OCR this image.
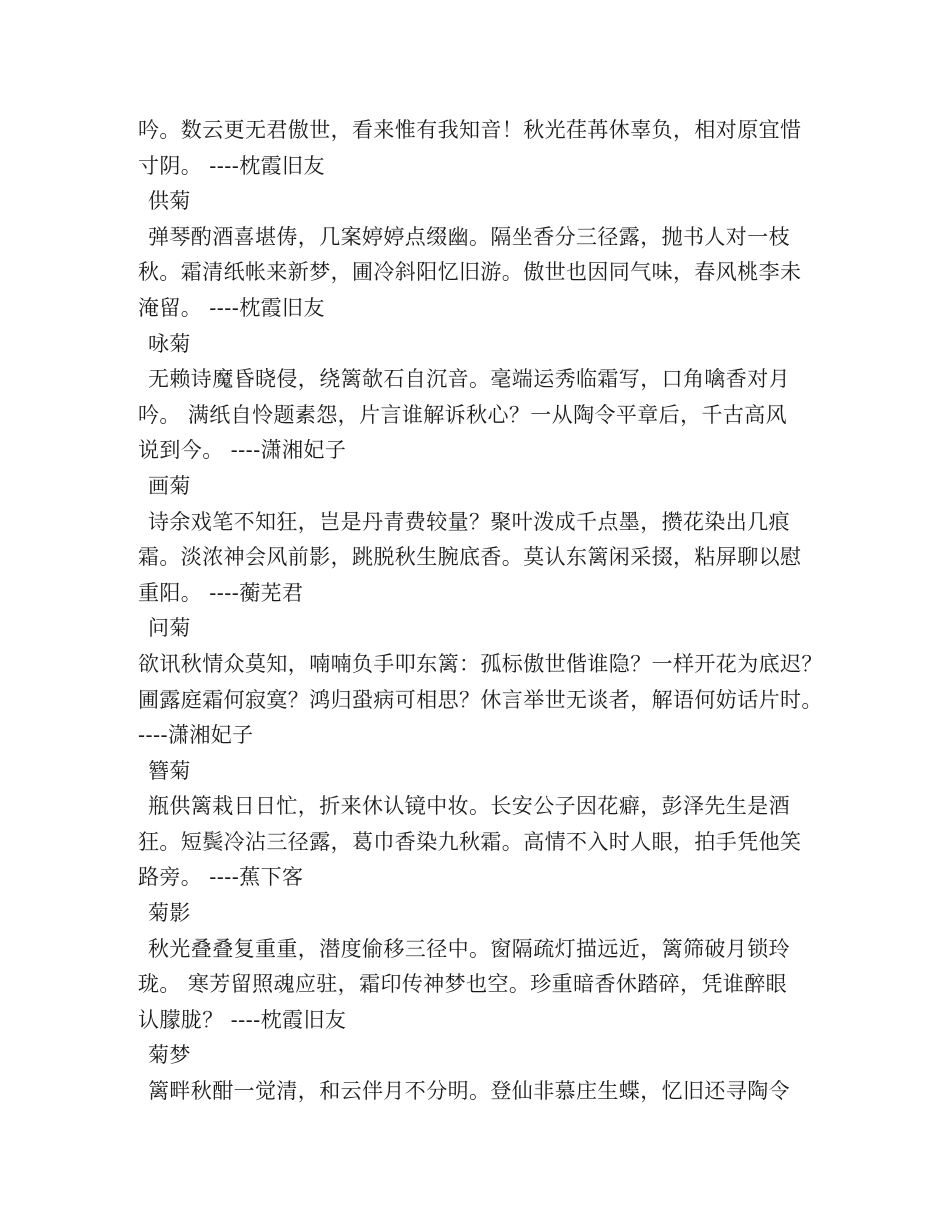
吟。数云更无君傲世，看来惟有我知音！秋光荏苒休辜负，相对原宜惜
寸阴。 ----枕霞旧友
供菊
弹琴酌酒喜堪俦，几案婷婷点缀幽。隔坐香分三径露，抛书人对一枝
秋。霜清纸帐来新梦，圃冷斜阳忆旧游。傲世也因同气味，春风桃李未
淹留。 ----枕霞旧友
咏菊
无赖诗魔昏晓侵，绕篱欹石自沉音。毫端运秀临霜写，口角噙香对月
吟。 满纸自怜题素怨，片言谁解诉秋心？一从陶令平章后，千古高风
说到今。 ----潇湘妃子
画菊
诗余戏笔不知狂，岂是丹青费较量？聚叶泼成千点墨，攒花染出几痕
霜。淡浓神会风前影，跳脱秋生腕底香。莫认东篱闲采掇，粘屏聊以慰
重阳。 ----蘅芜君
问菊
欲讯秋情众莫知，喃喃负手叩东篱：孤标傲世偕谁隐？一样开花为底迟？
圃露庭霜何寂寞？鸿归蛩病可相思？休言举世无谈者，解语何妨话片时。
----潇湘妃子
簪菊
瓶供篱栽日日忙，折来休认镜中妆。长安公子因花癖，彭泽先生是酒
狂。短鬓冷沾三径露，葛巾香染九秋霜。高情不入时人眼，拍手凭他笑
路旁。 ----蕉下客
菊影
秋光叠叠复重重，潜度偷移三径中。窗隔疏灯描远近，篱筛破月锁玲
珑。 寒芳留照魂应驻，霜印传神梦也空。珍重暗香休踏碎，凭谁醉眼
认朦胧？ ----枕霞旧友
菊梦
篱畔秋酣一觉清，和云伴月不分明。登仙非慕庄生蝶，忆旧还寻陶令
